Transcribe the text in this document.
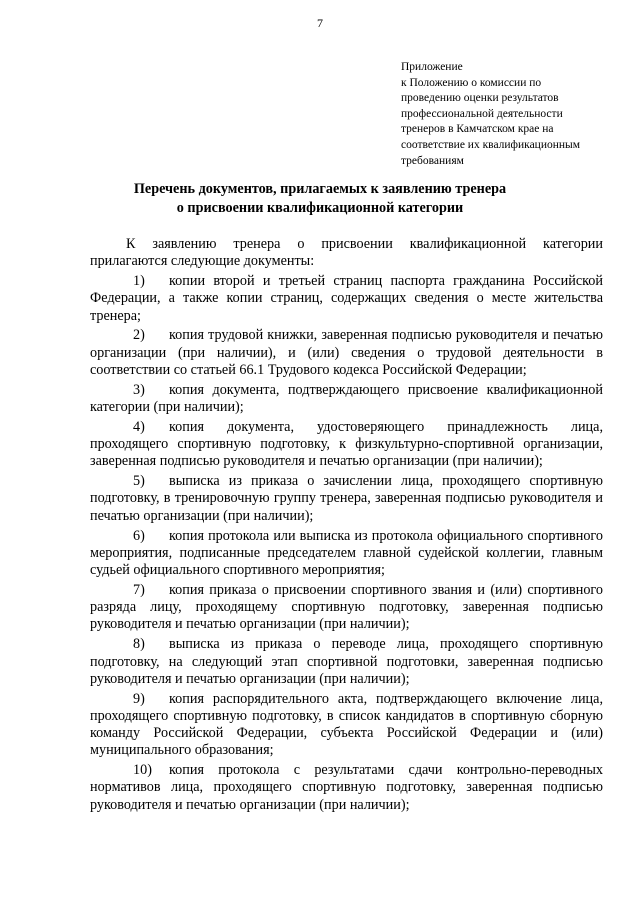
7
Приложение
к Положению о комиссии по
проведению оценки результатов
профессиональной деятельности
тренеров в Камчатском крае на
соответствие их квалификационным
требованиям
Перечень документов, прилагаемых к заявлению тренера
о присвоении квалификационной категории
К заявлению тренера о присвоении квалификационной категории прилагаются следующие документы:
1) копии второй и третьей страниц паспорта гражданина Российской Федерации, а также копии страниц, содержащих сведения о месте жительства тренера;
2) копия трудовой книжки, заверенная подписью руководителя и печатью организации (при наличии), и (или) сведения о трудовой деятельности в соответствии со статьей 66.1 Трудового кодекса Российской Федерации;
3) копия документа, подтверждающего присвоение квалификационной категории (при наличии);
4) копия документа, удостоверяющего принадлежность лица, проходящего спортивную подготовку, к физкультурно-спортивной организации, заверенная подписью руководителя и печатью организации (при наличии);
5) выписка из приказа о зачислении лица, проходящего спортивную подготовку, в тренировочную группу тренера, заверенная подписью руководителя и печатью организации (при наличии);
6) копия протокола или выписка из протокола официального спортивного мероприятия, подписанные председателем главной судейской коллегии, главным судьей официального спортивного мероприятия;
7) копия приказа о присвоении спортивного звания и (или) спортивного разряда лицу, проходящему спортивную подготовку, заверенная подписью руководителя и печатью организации (при наличии);
8) выписка из приказа о переводе лица, проходящего спортивную подготовку, на следующий этап спортивной подготовки, заверенная подписью руководителя и печатью организации (при наличии);
9) копия распорядительного акта, подтверждающего включение лица, проходящего спортивную подготовку, в список кандидатов в спортивную сборную команду Российской Федерации, субъекта Российской Федерации и (или) муниципального образования;
10) копия протокола с результатами сдачи контрольно-переводных нормативов лица, проходящего спортивную подготовку, заверенная подписью руководителя и печатью организации (при наличии);
